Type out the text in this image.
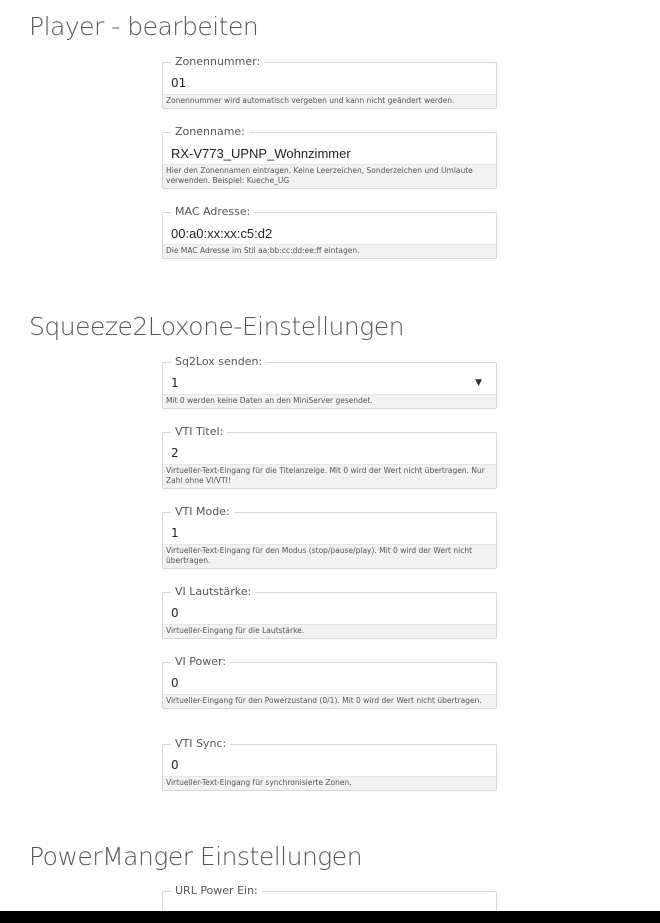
Player - bearbeiten
Zonennummer:
01
Zonennummer wird automatisch vergeben und kann nicht geändert werden.
Zonenname:
RX-V773_UPNP_Wohnzimmer
Hier den Zonennamen eintragen. Keine Leerzeichen, Sonderzeichen und Umlaute verwenden. Beispiel: Kueche_UG
MAC Adresse:
00:a0:xx:xx:c5:d2
Die MAC Adresse im Stil aa:bb:cc:dd:ee:ff eintagen.
Squeeze2Loxone-Einstellungen
Sq2Lox senden:
1	▼
Mit 0 werden keine Daten an den MiniServer gesendet.
VTI Titel:
2
Virtueller-Text-Eingang für die Titelanzeige. Mit 0 wird der Wert nicht übertragen. Nur Zahl ohne VI/VTI!
VTI Mode:
1
Virtueller-Text-Eingang für den Modus (stop/pause/play). Mit 0 wird der Wert nicht übertragen.
VI Lautstärke:
0
Virtueller-Eingang für die Lautstärke.
VI Power:
0
Virtueller-Eingang für den Powerzustand (0/1). Mit 0 wird der Wert nicht übertragen.
VTI Sync:
0
Virtueller-Text-Eingang für synchronisierte Zonen.
PowerManger Einstellungen
URL Power Ein:
